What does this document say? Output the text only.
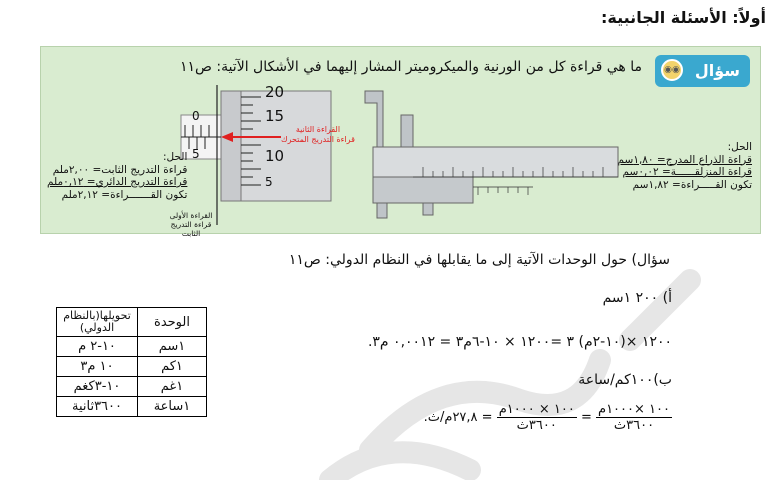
أولاً: الأسئلة الجانبية:
◉◉ سؤال
ما هي قراءة كل من الورنية والميكروميتر المشار إليهما في الأشكال الآتية: ص١١
الحل:
قراءة الذراع المدرج= ١,٨٠سم
قراءة المنزلقــــــة= ٠,٠٢سم
تكون القـــــراءة= ١,٨٢سم
20
15
10
5
0
5
القراءة الثانية
قراءة التدريج المتحرك
القراءة الأولى
قراءة التدريج الثابت
الحل:
قراءة التدريج الثابت= ٢,٠٠ملم
قراءة التدريج الدائري= ٠,١٢ملم
تكون القـــــــراءة= ٢,١٢ملم
سؤال) حول الوحدات الآتية إلى ما يقابلها في النظام الدولي: ص١١
أ) ٢٠٠ ١سم
١٢٠٠ ×(١٠-٢م) ٣ =١٢٠٠ × ١٠-٦م٣ = ٠,٠٠١٢ م٣.
ب)١٠٠كم/ساعة
$\frac{\text{١٠٠ ×١٠٠٠م}}{\text{٣٦٠٠ث}}$
=
$\frac{\text{١٠٠ × ١٠٠٠م}}{\text{٣٦٠٠ث}}$
= ٢٧,٨م/ث.
الوحدة	تحويلها(بالنظام الدولي)
١سم	١٠-٢ م
١كم	١٠ م٣
١غم	١٠-٣كغم
١ساعة	٣٦٠٠ثانية
